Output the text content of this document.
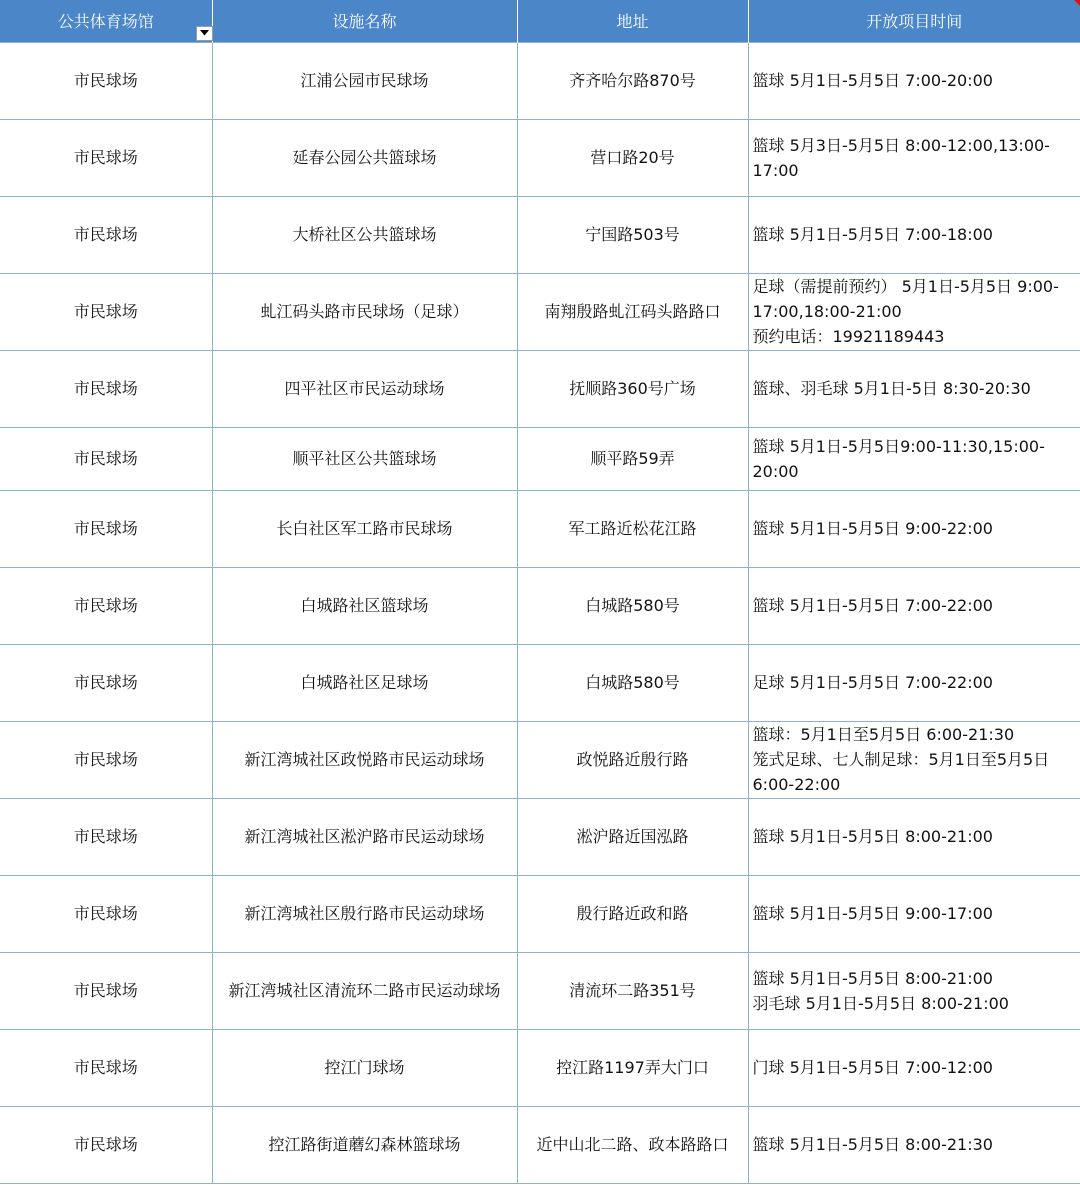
公共体育场馆	设施名称	地址	开放项目时间

市民球场	江浦公园市民球场	齐齐哈尔路870号	篮球 5月1日-5月5日 7:00-20:00

市民球场	延春公园公共篮球场	营口路20号	篮球 5月3日-5月5日 8:00-12:00,13:00-
17:00

市民球场	大桥社区公共篮球场	宁国路503号	篮球 5月1日-5月5日 7:00-18:00

市民球场	虬江码头路市民球场（足球）	南翔殷路虬江码头路路口	足球（需提前预约） 5月1日-5月5日 9:00-
17:00,18:00-21:00
预约电话：19921189443

市民球场	四平社区市民运动球场	抚顺路360号广场	篮球、羽毛球 5月1日-5日 8:30-20:30

市民球场	顺平社区公共篮球场	顺平路59弄	篮球 5月1日-5月5日9:00-11:30,15:00-
20:00

市民球场	长白社区军工路市民球场	军工路近松花江路	篮球 5月1日-5月5日 9:00-22:00

市民球场	白城路社区篮球场	白城路580号	篮球 5月1日-5月5日 7:00-22:00

市民球场	白城路社区足球场	白城路580号	足球 5月1日-5月5日 7:00-22:00

市民球场	新江湾城社区政悦路市民运动球场	政悦路近殷行路	篮球：5月1日至5月5日 6:00-21:30
笼式足球、七人制足球：5月1日至5月5日
6:00-22:00

市民球场	新江湾城社区淞沪路市民运动球场	淞沪路近国泓路	篮球 5月1日-5月5日 8:00-21:00

市民球场	新江湾城社区殷行路市民运动球场	殷行路近政和路	篮球 5月1日-5月5日 9:00-17:00

市民球场	新江湾城社区清流环二路市民运动球场	清流环二路351号	篮球 5月1日-5月5日 8:00-21:00
羽毛球 5月1日-5月5日 8:00-21:00

市民球场	控江门球场	控江路1197弄大门口	门球 5月1日-5月5日 7:00-12:00

市民球场	控江路街道蘑幻森林篮球场	近中山北二路、政本路路口	篮球 5月1日-5月5日 8:00-21:30
